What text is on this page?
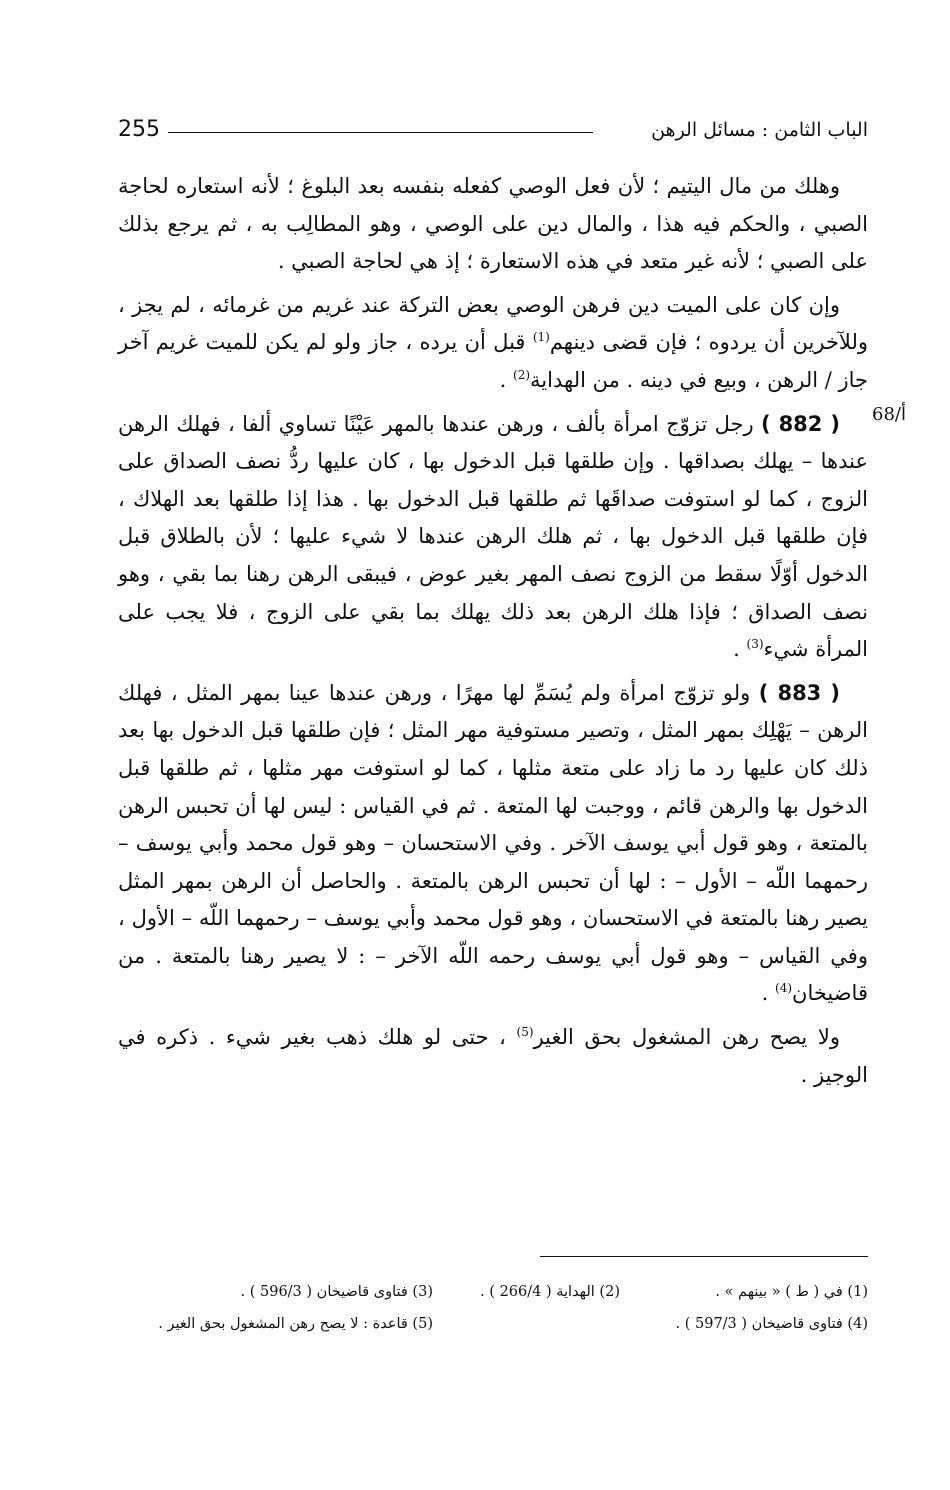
255	الباب الثامن : مسائل الرهن

وهلك من مال اليتيم ؛ لأن فعل الوصي كفعله بنفسه بعد البلوغ ؛ لأنه استعاره لحاجة الصبي ، والحكم فيه هذا ، والمال دين على الوصي ، وهو المطالِب به ، ثم يرجع بذلك على الصبي ؛ لأنه غير متعد في هذه الاستعارة ؛ إذ هي لحاجة الصبي .

وإن كان على الميت دين فرهن الوصي بعض التركة عند غريم من غرمائه ، لم يجز ، وللآخرين أن يردوه ؛ فإن قضى دينهم$^{(1)}$ قبل أن يرده ، جاز ولو لم يكن للميت غريم آخر جاز / الرهن ، وبيع في دينه . من الهداية$^{(2)}$ .

( 882 ) رجل تزوّج امرأة بألف ، ورهن عندها بالمهر عَيْنًا تساوي ألفا ، فهلك الرهن عندها – يهلك بصداقها . وإن طلقها قبل الدخول بها ، كان عليها ردُّ نصف الصداق على الزوج ، كما لو استوفت صداقَها ثم طلقها قبل الدخول بها . هذا إذا طلقها بعد الهلاك ، فإن طلقها قبل الدخول بها ، ثم هلك الرهن عندها لا شيء عليها ؛ لأن بالطلاق قبل الدخول أوّلًا سقط من الزوج نصف المهر بغير عوض ، فيبقى الرهن رهنا بما بقي ، وهو نصف الصداق ؛ فإذا هلك الرهن بعد ذلك يهلك بما بقي على الزوج ، فلا يجب على المرأة شيء$^{(3)}$ .

( 883 ) ولو تزوّج امرأة ولم يُسَمِّ لها مهرًا ، ورهن عندها عينا بمهر المثل ، فهلك الرهن – يَهْلِك بمهر المثل ، وتصير مستوفية مهر المثل ؛ فإن طلقها قبل الدخول بها بعد ذلك كان عليها رد ما زاد على متعة مثلها ، كما لو استوفت مهر مثلها ، ثم طلقها قبل الدخول بها والرهن قائم ، ووجبت لها المتعة . ثم في القياس : ليس لها أن تحبس الرهن بالمتعة ، وهو قول أبي يوسف الآخر . وفي الاستحسان – وهو قول محمد وأبي يوسف – رحمهما اللّه – الأول – : لها أن تحبس الرهن بالمتعة . والحاصل أن الرهن بمهر المثل يصير رهنا بالمتعة في الاستحسان ، وهو قول محمد وأبي يوسف – رحمهما اللّه – الأول ، وفي القياس – وهو قول أبي يوسف رحمه اللّه الآخر – : لا يصير رهنا بالمتعة . من قاضيخان$^{(4)}$ .

ولا يصح رهن المشغول بحق الغير$^{(5)}$ ، حتى لو هلك ذهب بغير شيء . ذكره في الوجيز .

68/أ
(1) في ( ط ) « بينهم » .
(2) الهداية ( 266/4 ) .
(3) فتاوى قاضيخان ( 596/3 ) .
(4) فتاوى قاضيخان ( 597/3 ) .
(5) قاعدة : لا يصح رهن المشغول بحق الغير .
